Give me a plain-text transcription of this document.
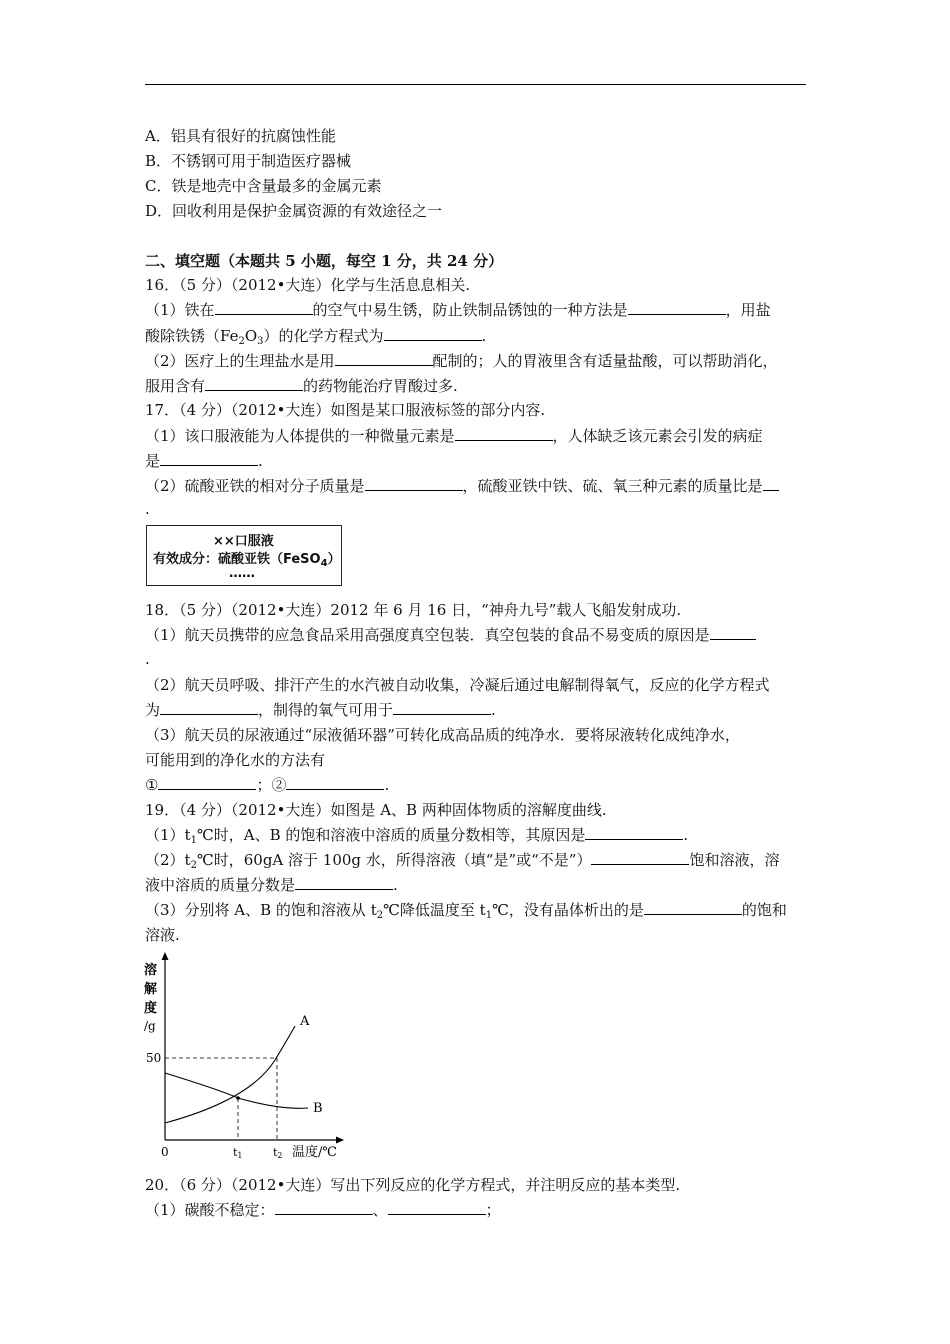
A．铝具有很好的抗腐蚀性能
B．不锈钢可用于制造医疗器械
C．铁是地壳中含量最多的金属元素
D．回收利用是保护金属资源的有效途径之一
二、填空题（本题共 5 小题，每空 1 分，共 24 分）
16．（5 分）（2012•大连）化学与生活息息相关.
（1）铁在	的空气中易生锈，防止铁制品锈蚀的一种方法是	，用盐
酸除铁锈$(Fe_2O_3)$的化学方程式为	.
（2）医疗上的生理盐水是用	配制的；人的胃液里含有适量盐酸，可以帮助消化，
服用含有	的药物能治疗胃酸过多.
17．（4 分）（2012•大连）如图是某口服液标签的部分内容.
（1）该口服液能为人体提供的一种微量元素是	，人体缺乏该元素会引发的病症
是	.
（2）硫酸亚铁的相对分子质量是	，硫酸亚铁中铁、硫、氧三种元素的质量比是
.
××口服液
有效成分：硫酸亚铁（FeSO$_4$）
……
18．（5 分）（2012•大连）2012 年 6 月 16 日，“神舟九号”载人飞船发射成功.
（1）航天员携带的应急食品采用高强度真空包装．真空包装的食品不易变质的原因是
.
（2）航天员呼吸、排汗产生的水汽被自动收集，冷凝后通过电解制得氧气，反应的化学方程式
为	，制得的氧气可用于	.
（3）航天员的尿液通过“尿液循环器”可转化成高品质的纯净水．要将尿液转化成纯净水，
可能用到的净化水的方法有
①	；②	.
19．（4 分）（2012•大连）如图是 A、B 两种固体物质的溶解度曲线.
$(1)t_1℃$时，A、B 的饱和溶液中溶质的质量分数相等，其原因是	.
$(2)t_2℃$时，60gA 溶于 100g 水，所得溶液（填“是”或“不是”）	饱和溶液，溶
液中溶质的质量分数是	.
（3）分别将 A、B 的饱和溶液从 $t_2℃$降低温度至 $t_1℃$，没有晶体析出的是	的饱和
溶液.
溶
解
度
/g
50
0	t1	t2 温度/℃
A
B
20．（6 分）（2012•大连）写出下列反应的化学方程式，并注明反应的基本类型.
（1）碳酸不稳定：	、	；
